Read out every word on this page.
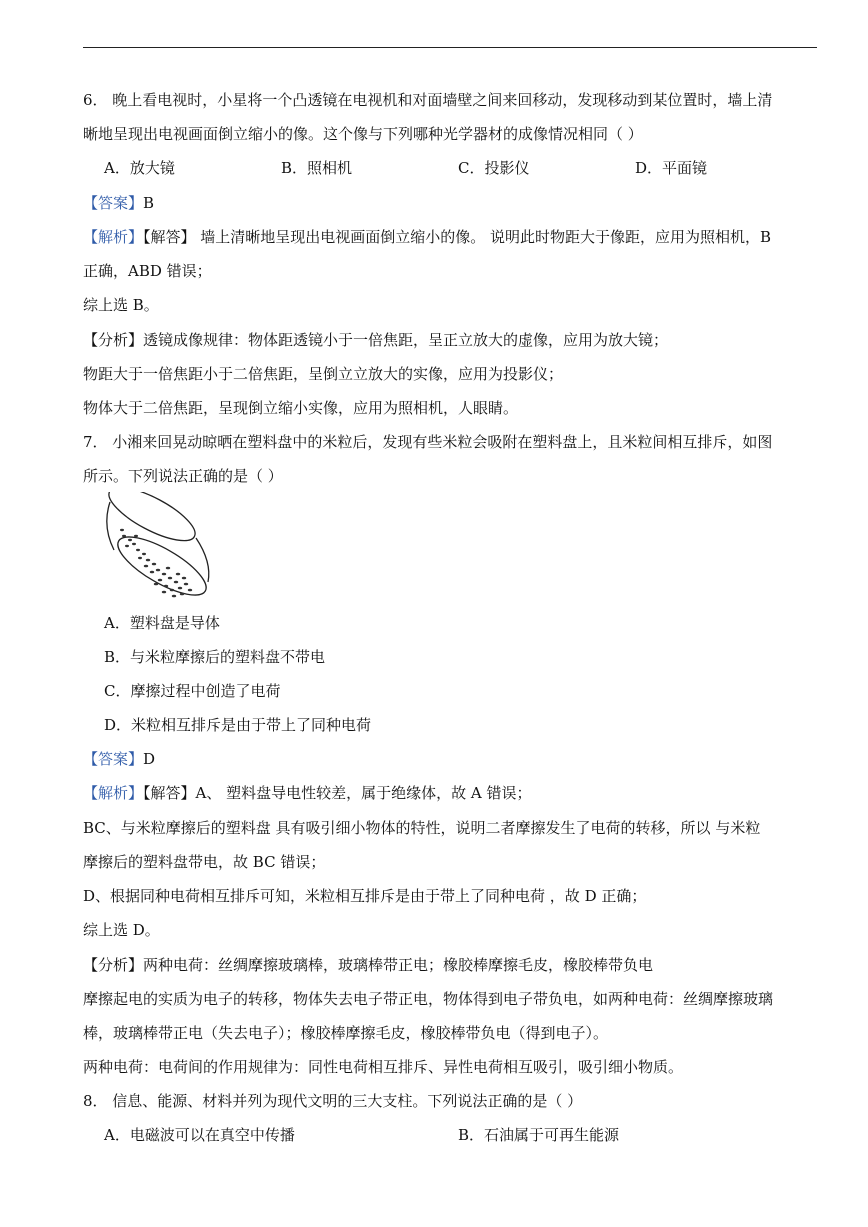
6． 晚上看电视时，小星将一个凸透镜在电视机和对面墙壁之间来回移动，发现移动到某位置时，墙上清
晰地呈现出电视画面倒立缩小的像。这个像与下列哪种光学器材的成像情况相同（ ）
A．放大镜	B．照相机	C．投影仪	D．平面镜
【答案】B
【解析】【解答】 墙上清晰地呈现出电视画面倒立缩小的像。 说明此时物距大于像距，应用为照相机，B
正确，ABD 错误；
综上选 B。
【分析】透镜成像规律：物体距透镜小于一倍焦距，呈正立放大的虚像，应用为放大镜；
物距大于一倍焦距小于二倍焦距，呈倒立立放大的实像，应用为投影仪；
物体大于二倍焦距，呈现倒立缩小实像，应用为照相机，人眼睛。
7． 小湘来回晃动晾晒在塑料盘中的米粒后，发现有些米粒会吸附在塑料盘上，且米粒间相互排斥，如图
所示。下列说法正确的是（ ）
A．塑料盘是导体
B．与米粒摩擦后的塑料盘不带电
C．摩擦过程中创造了电荷
D．米粒相互排斥是由于带上了同种电荷
【答案】D
【解析】【解答】A、 塑料盘导电性较差，属于绝缘体，故 A 错误；
BC、与米粒摩擦后的塑料盘 具有吸引细小物体的特性，说明二者摩擦发生了电荷的转移，所以 与米粒
摩擦后的塑料盘带电，故 BC 错误；
D、根据同种电荷相互排斥可知，米粒相互排斥是由于带上了同种电荷 ，故 D 正确；
综上选 D。
【分析】两种电荷：丝绸摩擦玻璃棒，玻璃棒带正电；橡胶棒摩擦毛皮，橡胶棒带负电
摩擦起电的实质为电子的转移，物体失去电子带正电，物体得到电子带负电，如两种电荷：丝绸摩擦玻璃
棒，玻璃棒带正电（失去电子）；橡胶棒摩擦毛皮，橡胶棒带负电（得到电子）。
两种电荷：电荷间的作用规律为：同性电荷相互排斥、异性电荷相互吸引，吸引细小物质。
8． 信息、能源、材料并列为现代文明的三大支柱。下列说法正确的是（ ）
A．电磁波可以在真空中传播	B．石油属于可再生能源
